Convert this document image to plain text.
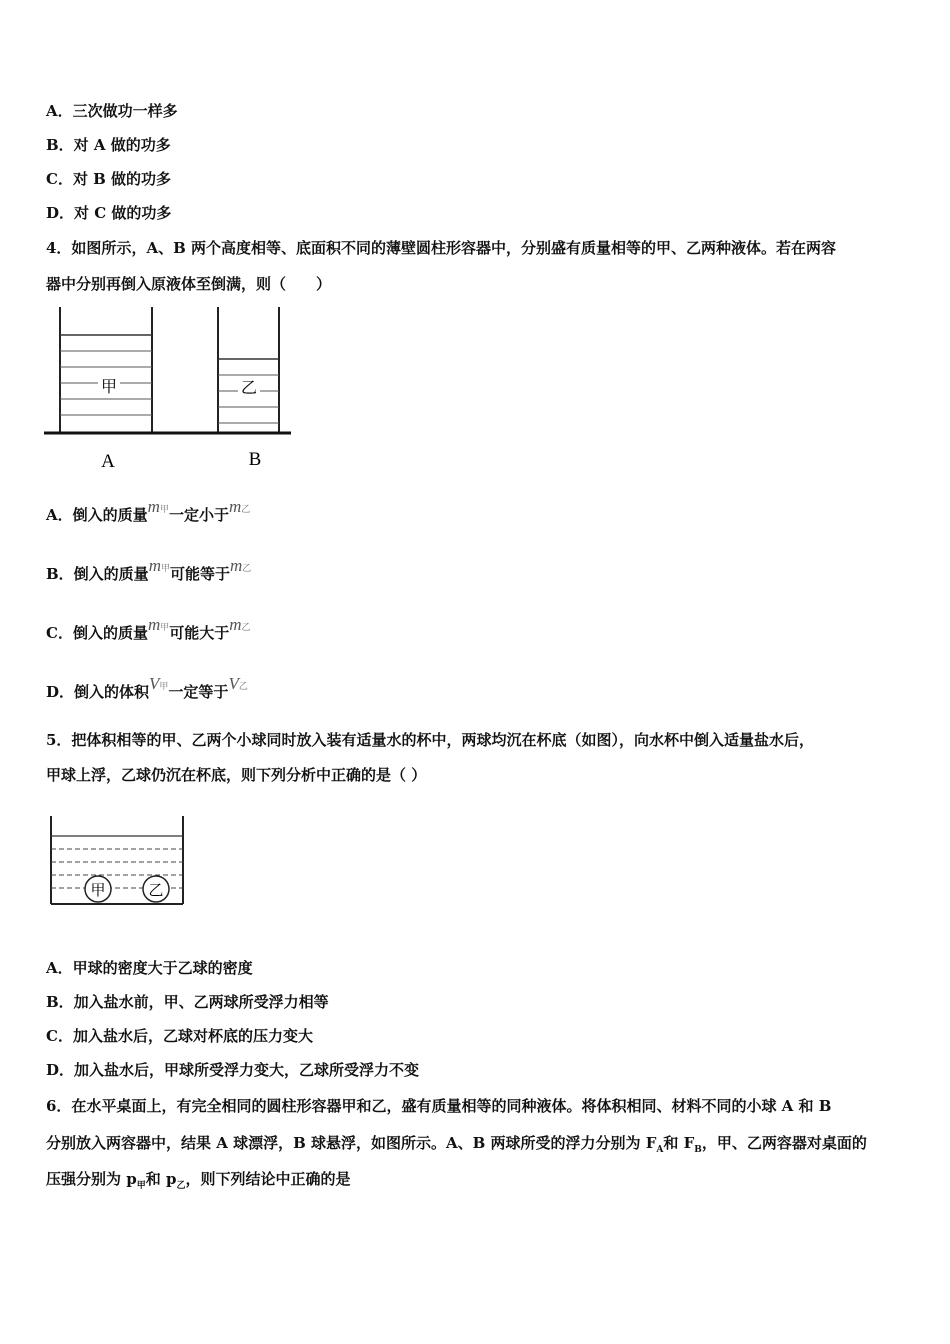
A．三次做功一样多
B．对 A 做的功多
C．对 B 做的功多
D．对 C 做的功多
4．如图所示，A、B 两个高度相等、底面积不同的薄壁圆柱形容器中，分别盛有质量相等的甲、乙两种液体。若在两容
器中分别再倒入原液体至倒满，则（　　）
甲	乙
A	B
A．倒入的质量m甲一定小于m乙
B．倒入的质量m甲可能等于m乙
C．倒入的质量m甲可能大于m乙
D．倒入的体积V甲一定等于V乙
5．把体积相等的甲、乙两个小球同时放入装有适量水的杯中，两球均沉在杯底（如图），向水杯中倒入适量盐水后，
甲球上浮，乙球仍沉在杯底，则下列分析中正确的是（ ）
甲	乙
A．甲球的密度大于乙球的密度
B．加入盐水前，甲、乙两球所受浮力相等
C．加入盐水后，乙球对杯底的压力变大
D．加入盐水后，甲球所受浮力变大，乙球所受浮力不变
6．在水平桌面上，有完全相同的圆柱形容器甲和乙，盛有质量相等的同种液体。将体积相同、材料不同的小球 A 和 B
分别放入两容器中，结果 A 球漂浮，B 球悬浮，如图所示。A、B 两球所受的浮力分别为 $F_A$和 $F_B$，甲、乙两容器对桌面的
压强分别为 $p_甲$和 $p_乙$，则下列结论中正确的是
